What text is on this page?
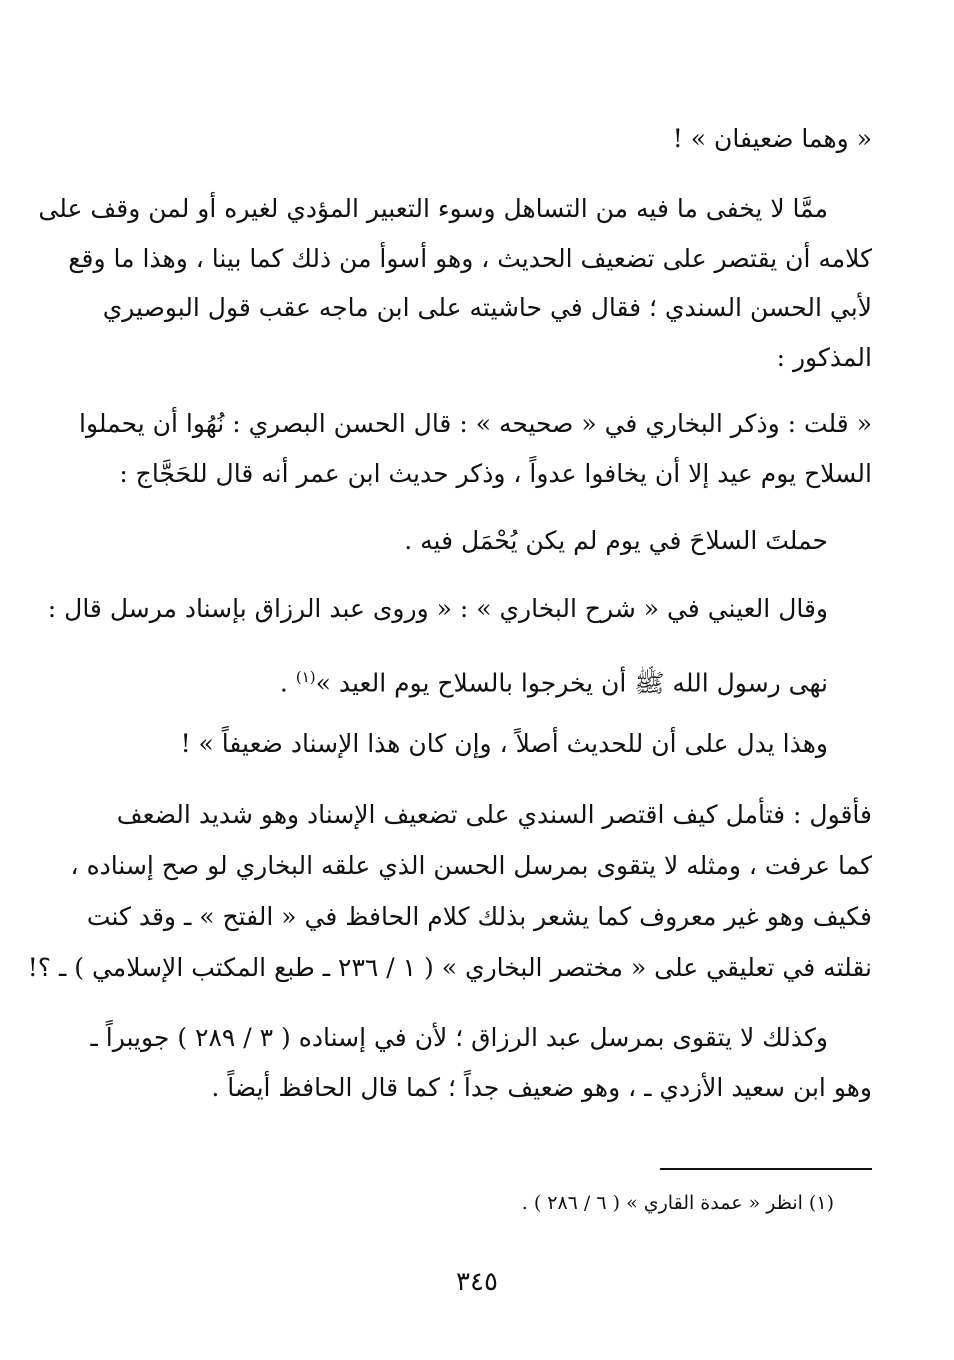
« وهما ضعيفان » !
ممَّا لا يخفى ما فيه من التساهل وسوء التعبير المؤدي لغيره أو لمن وقف على
كلامه أن يقتصر على تضعيف الحديث ، وهو أسوأ من ذلك كما بينا ، وهذا ما وقع
لأبي الحسن السندي ؛ فقال في حاشيته على ابن ماجه عقب قول البوصيري
المذكور :
« قلت : وذكر البخاري في « صحيحه » : قال الحسن البصري : نُهُوا أن يحملوا
السلاح يوم عيد إلا أن يخافوا عدواً ، وذكر حديث ابن عمر أنه قال للحَجَّاج :
حملتَ السلاحَ في يوم لم يكن يُحْمَل فيه .
وقال العيني في « شرح البخاري » : « وروى عبد الرزاق بإسناد مرسل قال :
نهى رسول الله ﷺ أن يخرجوا بالسلاح يوم العيد »$^{(١)}$ .
وهذا يدل على أن للحديث أصلاً ، وإن كان هذا الإسناد ضعيفاً » !
فأقول : فتأمل كيف اقتصر السندي على تضعيف الإسناد وهو شديد الضعف
كما عرفت ، ومثله لا يتقوى بمرسل الحسن الذي علقه البخاري لو صح إسناده ،
فكيف وهو غير معروف كما يشعر بذلك كلام الحافظ في « الفتح » ـ وقد كنت
نقلته في تعليقي على « مختصر البخاري » ( ١ / ٢٣٦ ـ طبع المكتب الإسلامي ) ـ ؟!
وكذلك لا يتقوى بمرسل عبد الرزاق ؛ لأن في إسناده ( ٣ / ٢٨٩ ) جويبراً ـ
وهو ابن سعيد الأزدي ـ ، وهو ضعيف جداً ؛ كما قال الحافظ أيضاً .
(١) انظر « عمدة القاري » ( ٦ / ٢٨٦ ) .
٣٤٥
